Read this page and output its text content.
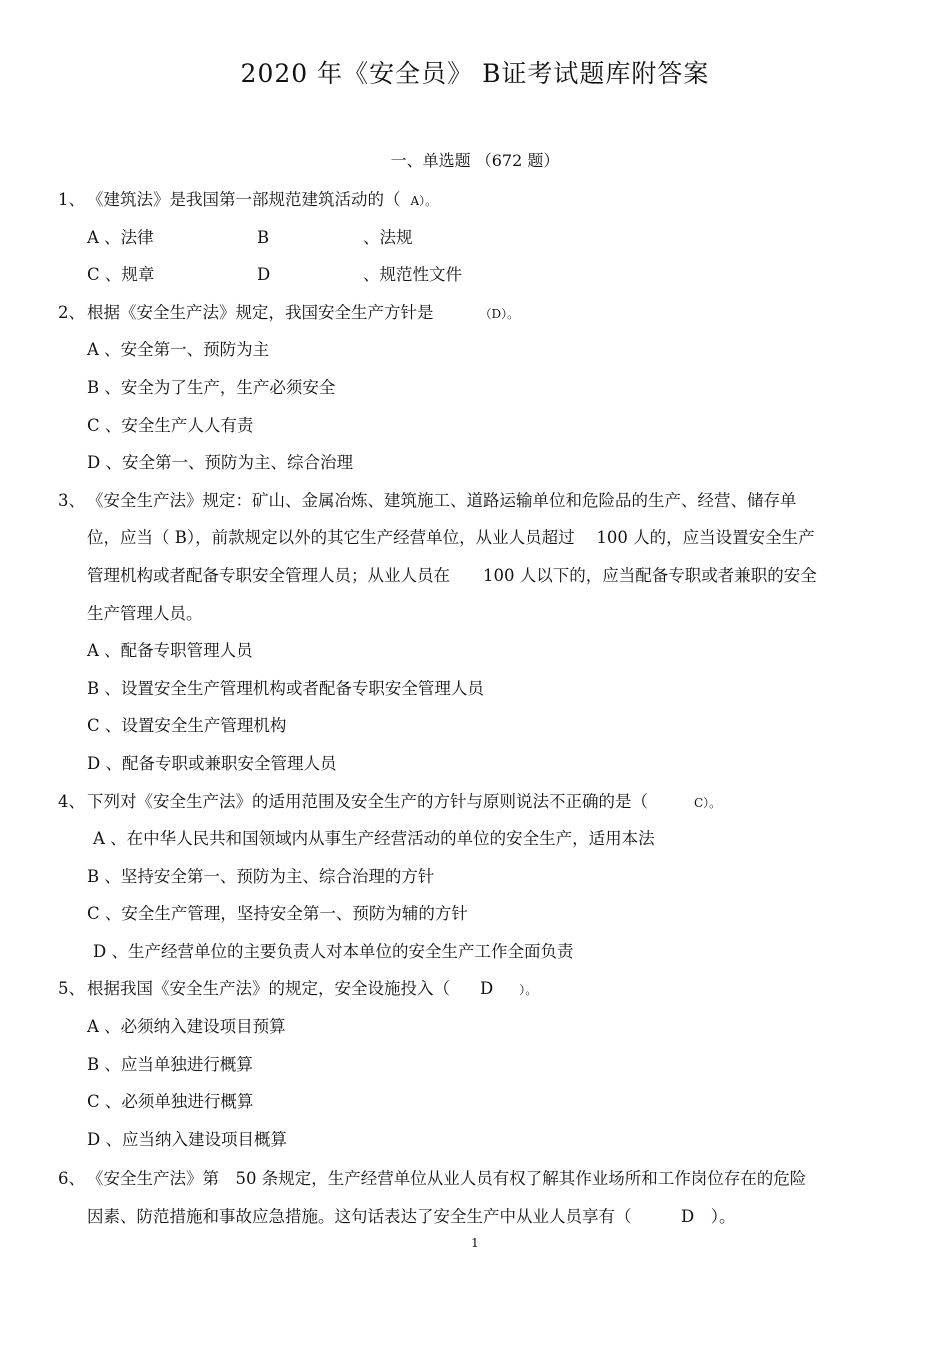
2020 年《安全员》 B证考试题库附答案
一、单选题 （672 题）
1、 《建筑法》是我国第一部规范建筑活动的（ A）。
A 、法律	B	、法规
C 、规章	D	、规范性文件
2、 根据《安全生产法》规定，我国安全生产方针是	（D）。
A 、安全第一、预防为主
B 、安全为了生产，生产必须安全
C 、安全生产人人有责
D 、安全第一、预防为主、综合治理
3、 《安全生产法》规定：矿山、金属冶炼、建筑施工、道路运输单位和危险品的生产、经营、储存单
位，应当（ B），前款规定以外的其它生产经营单位，从业人员超过　 100 人的，应当设置安全生产
管理机构或者配备专职安全管理人员；从业人员在　　100 人以下的，应当配备专职或者兼职的安全
生产管理人员。
A 、配备专职管理人员
B 、设置安全生产管理机构或者配备专职安全管理人员
C 、设置安全生产管理机构
D 、配备专职或兼职安全管理人员
4、 下列对《安全生产法》的适用范围及安全生产的方针与原则说法不正确的是（	C）。
A 、在中华人民共和国领域内从事生产经营活动的单位的安全生产，适用本法
B 、坚持安全第一、预防为主、综合治理的方针
C 、安全生产管理，坚持安全第一、预防为辅的方针
D 、生产经营单位的主要负责人对本单位的安全生产工作全面负责
5、 根据我国《安全生产法》的规定，安全设施投入（ D ）。
A 、必须纳入建设项目预算
B 、应当单独进行概算
C 、必须单独进行概算
D 、应当纳入建设项目概算
6、 《安全生产法》第　50 条规定，生产经营单位从业人员有权了解其作业场所和工作岗位存在的危险
因素、防范措施和事故应急措施。这句话表达了安全生产中从业人员享有（　　　D　）。
1
